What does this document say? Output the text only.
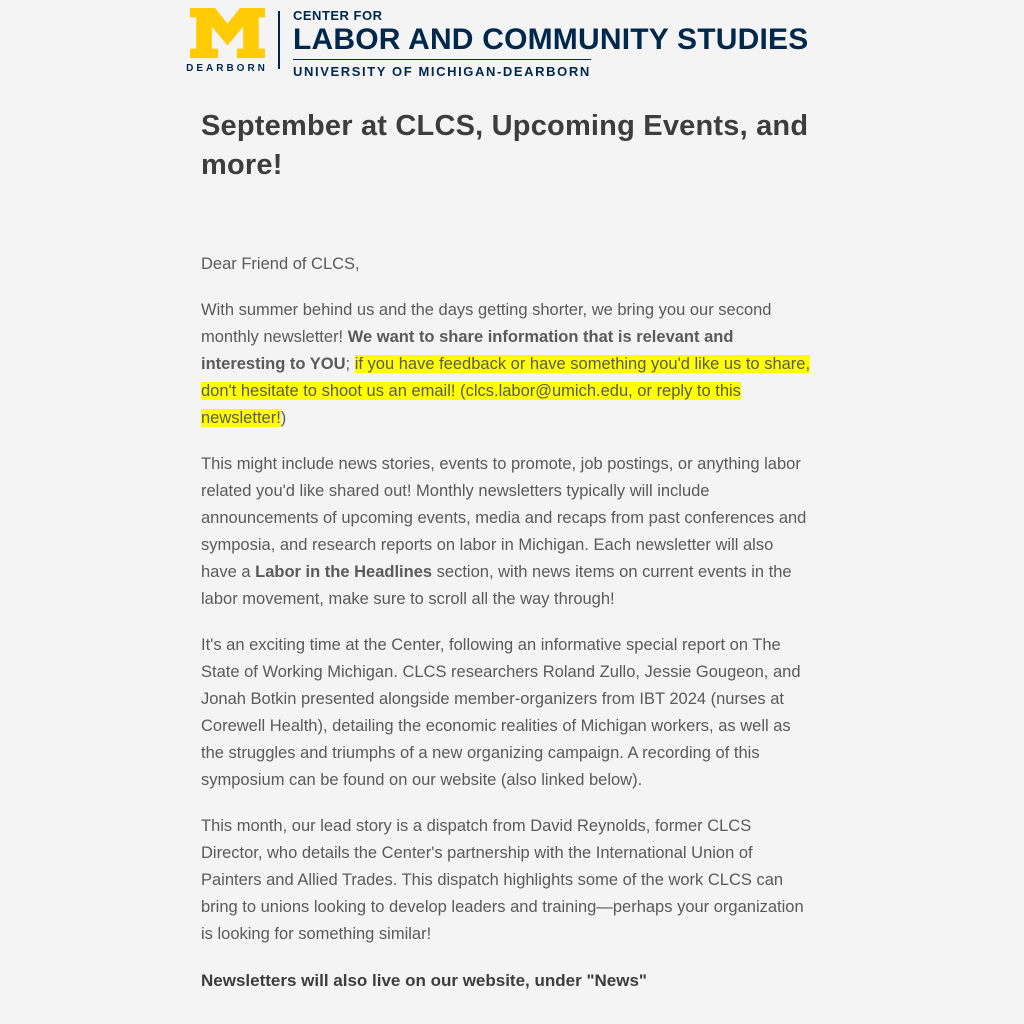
DEARBORN
CENTER FOR
LABOR AND COMMUNITY STUDIES
UNIVERSITY OF MICHIGAN-DEARBORN
September at CLCS, Upcoming Events, and more!

Dear Friend of CLCS,

With summer behind us and the days getting shorter, we bring you our second monthly newsletter! We want to share information that is relevant and interesting to YOU; if you have feedback or have something you'd like us to share, don't hesitate to shoot us an email! (clcs.labor@umich.edu, or reply to this newsletter!)

This might include news stories, events to promote, job postings, or anything labor related you'd like shared out! Monthly newsletters typically will include announcements of upcoming events, media and recaps from past conferences and symposia, and research reports on labor in Michigan. Each newsletter will also have a Labor in the Headlines section, with news items on current events in the labor movement, make sure to scroll all the way through!

It's an exciting time at the Center, following an informative special report on The State of Working Michigan. CLCS researchers Roland Zullo, Jessie Gougeon, and Jonah Botkin presented alongside member-organizers from IBT 2024 (nurses at Corewell Health), detailing the economic realities of Michigan workers, as well as the struggles and triumphs of a new organizing campaign. A recording of this symposium can be found on our website (also linked below).

This month, our lead story is a dispatch from David Reynolds, former CLCS Director, who details the Center's partnership with the International Union of Painters and Allied Trades. This dispatch highlights some of the work CLCS can bring to unions looking to develop leaders and training—perhaps your organization is looking for something similar!

Newsletters will also live on our website, under "News"
